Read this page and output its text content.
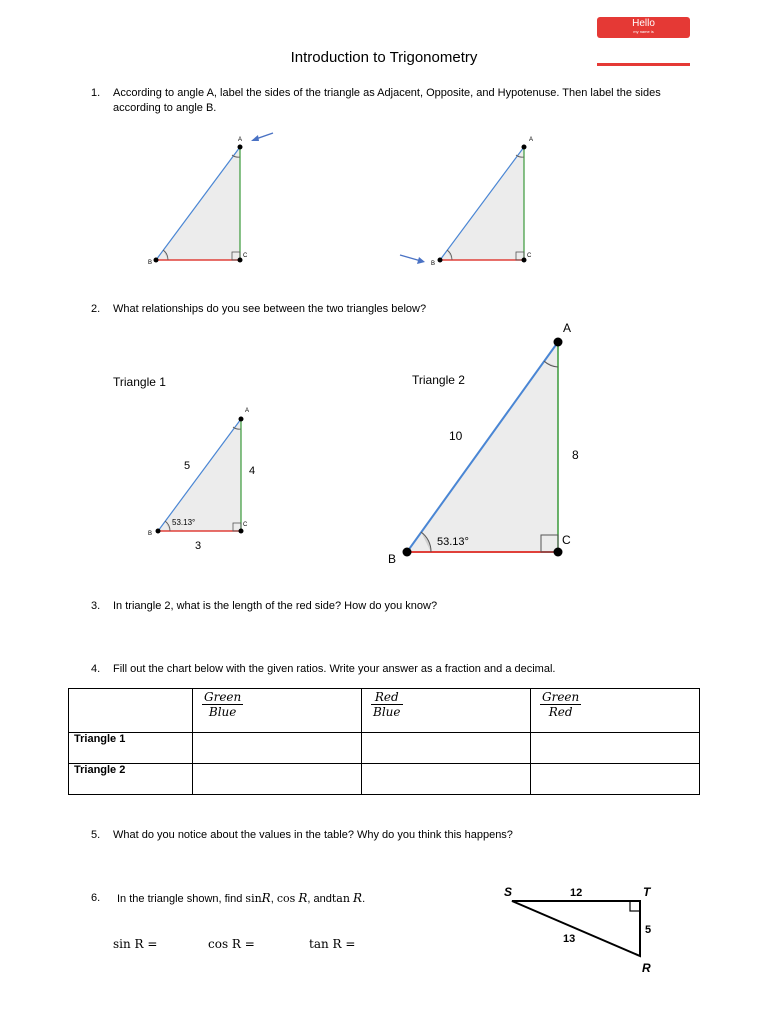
Hello
my name is
Introduction to Trigonometry
1. According to angle A, label the sides of the triangle as Adjacent, Opposite, and Hypotenuse. Then label the sides according to angle B.
A
B
C
A
B
C
2. What relationships do you see between the two triangles below?
Triangle 1
A
B
C
5	4
3
53.13°
Triangle 2
A
B
C
10
8
53.13°
3. In triangle 2, what is the length of the red side? How do you know?
4. Fill out the chart below with the given ratios. Write your answer as a fraction and a decimal.

	$\frac{\text{Green}}{\text{Blue}}$	$\frac{\text{Red}}{\text{Blue}}$	$\frac{\text{Green}}{\text{Red}}$

Triangle 1			
Triangle 2			
5. What do you notice about the values in the table? Why do you think this happens?
6. In the triangle shown, find sinR, cos R, andtan R.
sin R =	cos R =	tan R =
S	T
R
12
5
13
